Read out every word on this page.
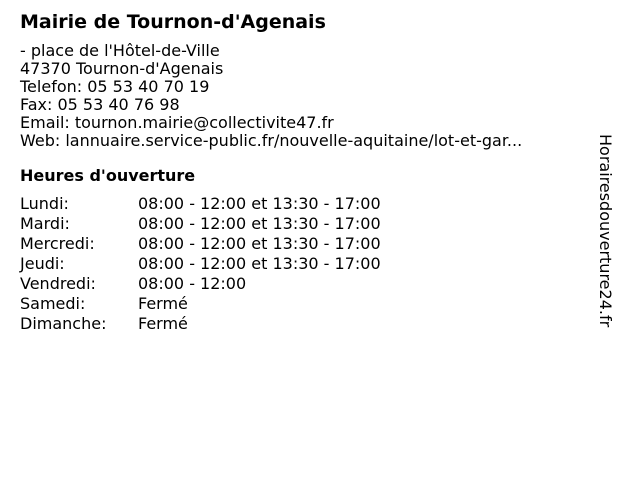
Mairie de Tournon-d'Agenais
- place de l'Hôtel-de-Ville
47370 Tournon-d'Agenais
Telefon: 05 53 40 70 19
Fax: 05 53 40 76 98
Email: tournon.mairie@collectivite47.fr
Web: lannuaire.service-public.fr/nouvelle-aquitaine/lot-et-gar...
Heures d'ouverture
Lundi:	08:00 - 12:00 et 13:30 - 17:00
Mardi:	08:00 - 12:00 et 13:30 - 17:00
Mercredi:	08:00 - 12:00 et 13:30 - 17:00
Jeudi:	08:00 - 12:00 et 13:30 - 17:00
Vendredi:	08:00 - 12:00
Samedi:	Fermé
Dimanche:	Fermé	Horairesdouverture24.fr
